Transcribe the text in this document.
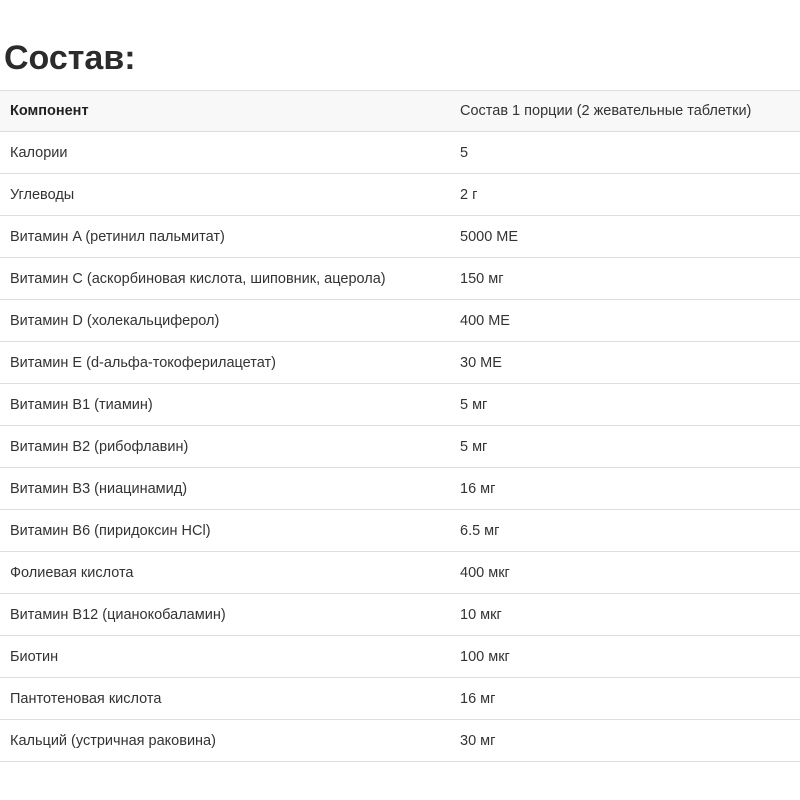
Состав:
Компонент	Состав 1 порции (2 жевательные таблетки)
Калории	5
Углеводы	2 г
Витамин A (ретинил пальмитат)	5000 МЕ
Витамин C (аскорбиновая кислота, шиповник, ацерола)	150 мг
Витамин D (холекальциферол)	400 МЕ
Витамин E (d-альфа-токоферилацетат)	30 МЕ
Витамин B1 (тиамин)	5 мг
Витамин B2 (рибофлавин)	5 мг
Витамин B3 (ниацинамид)	16 мг
Витамин B6 (пиридоксин HCl)	6.5 мг
Фолиевая кислота	400 мкг
Витамин B12 (цианокобаламин)	10 мкг
Биотин	100 мкг
Пантотеновая кислота	16 мг
Кальций (устричная раковина)	30 мг
